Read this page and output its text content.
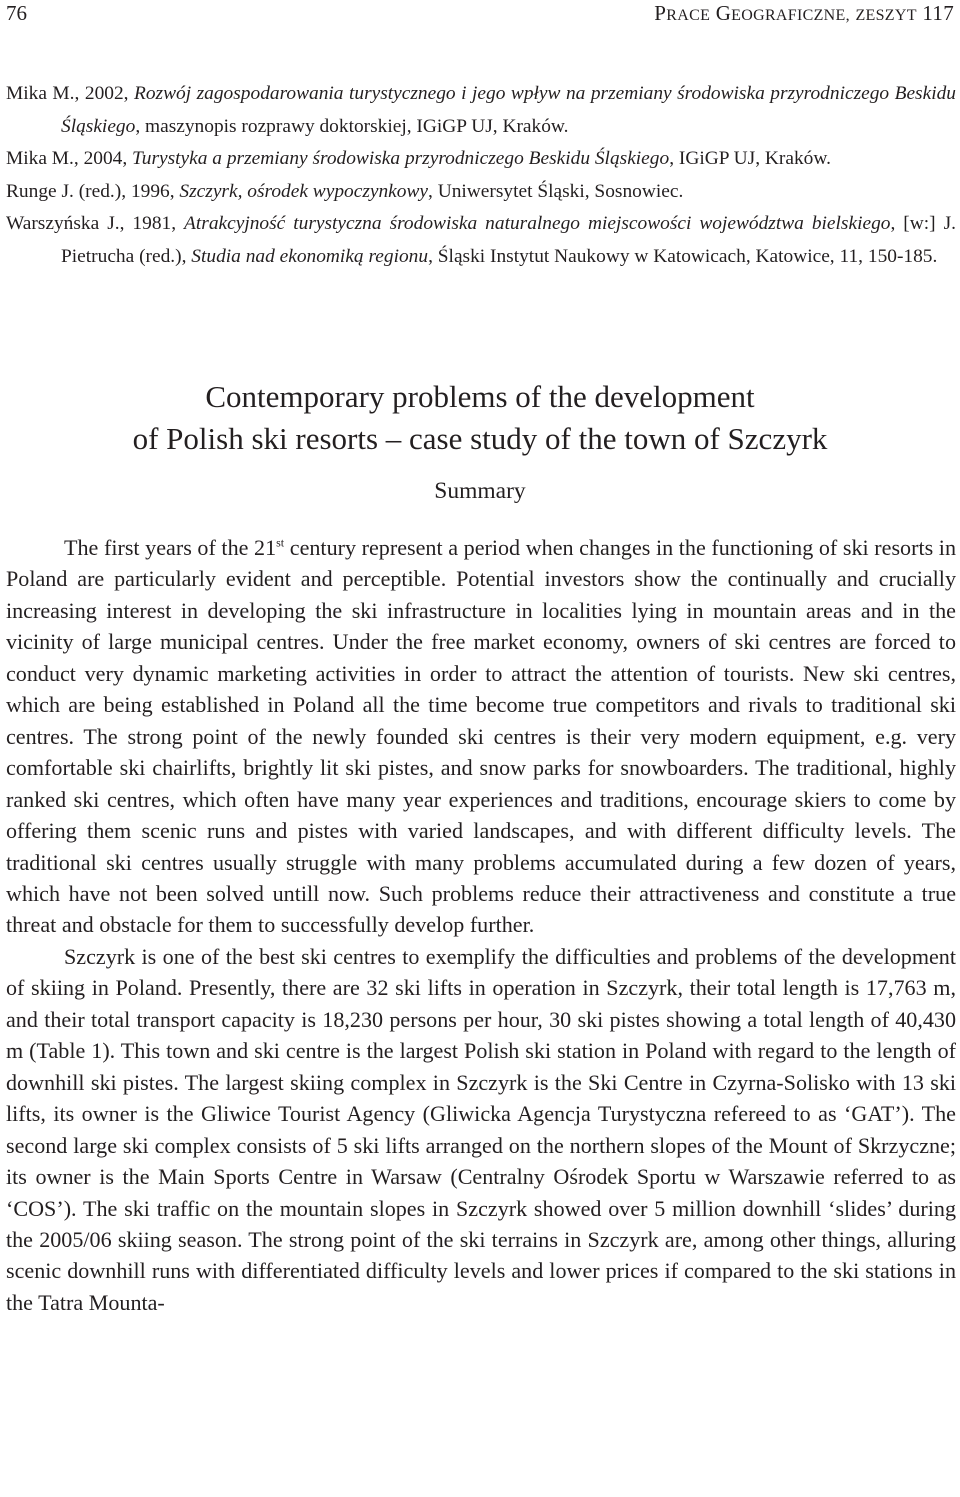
76	PRACE GEOGRAFICZNE, ZESZYT 117

Mika M., 2002, Rozwój zagospodarowania turystycznego i jego wpływ na przemiany środowiska przyrodniczego Beskidu Śląskiego, maszynopis rozprawy doktorskiej, IGiGP UJ, Kraków.

Mika M., 2004, Turystyka a przemiany środowiska przyrodniczego Beskidu Śląskiego, IGiGP UJ, Kraków.

Runge J. (red.), 1996, Szczyrk, ośrodek wypoczynkowy, Uniwersytet Śląski, Sosnowiec.

Warszyńska J., 1981, Atrakcyjność turystyczna środowiska naturalnego miejscowości województwa bielskiego, [w:] J. Pietrucha (red.), Studia nad ekonomiką regionu, Śląski Instytut Naukowy w Katowicach, Katowice, 11, 150-185.

Contemporary problems of the development
of Polish ski resorts – case study of the town of Szczyrk
Summary

The first years of the 21st century represent a period when changes in the functioning of ski resorts in Poland are particularly evident and perceptible. Potential investors show the continually and crucially increasing interest in developing the ski infrastructure in localities lying in mountain areas and in the vicinity of large municipal centres. Under the free market economy, owners of ski centres are forced to conduct very dynamic marketing activities in order to attract the attention of tourists. New ski centres, which are being established in Poland all the time become true competitors and rivals to traditional ski centres. The strong point of the newly founded ski centres is their very modern equipment, e.g. very comfortable ski chairlifts, brightly lit ski pistes, and snow parks for snowboarders. The traditional, highly ranked ski centres, which often have many year experiences and traditions, encourage skiers to come by offering them scenic runs and pistes with varied landscapes, and with different difficulty levels. The traditional ski centres usually struggle with many problems accumulated during a few dozen of years, which have not been solved untill now. Such problems reduce their attractiveness and constitute a true threat and obstacle for them to successfully develop further.

Szczyrk is one of the best ski centres to exemplify the difficulties and problems of the development of skiing in Poland. Presently, there are 32 ski lifts in operation in Szczyrk, their total length is 17,763 m, and their total transport capacity is 18,230 persons per hour, 30 ski pistes showing a total length of 40,430 m (Table 1). This town and ski centre is the largest Polish ski station in Poland with regard to the length of downhill ski pistes. The largest skiing complex in Szczyrk is the Ski Centre in Czyrna-Solisko with 13 ski lifts, its owner is the Gliwice Tourist Agency (Gliwicka Agencja Turystyczna refereed to as ‘GAT’). The second large ski complex consists of 5 ski lifts arranged on the northern slopes of the Mount of Skrzyczne; its owner is the Main Sports Centre in Warsaw (Centralny Ośrodek Sportu w Warszawie referred to as ‘COS’). The ski traffic on the mountain slopes in Szczyrk showed over 5 million downhill ‘slides’ during the 2005/06 skiing season. The strong point of the ski terrains in Szczyrk are, among other things, alluring scenic downhill runs with differentiated difficulty levels and lower prices if compared to the ski stations in the Tatra Mounta-
